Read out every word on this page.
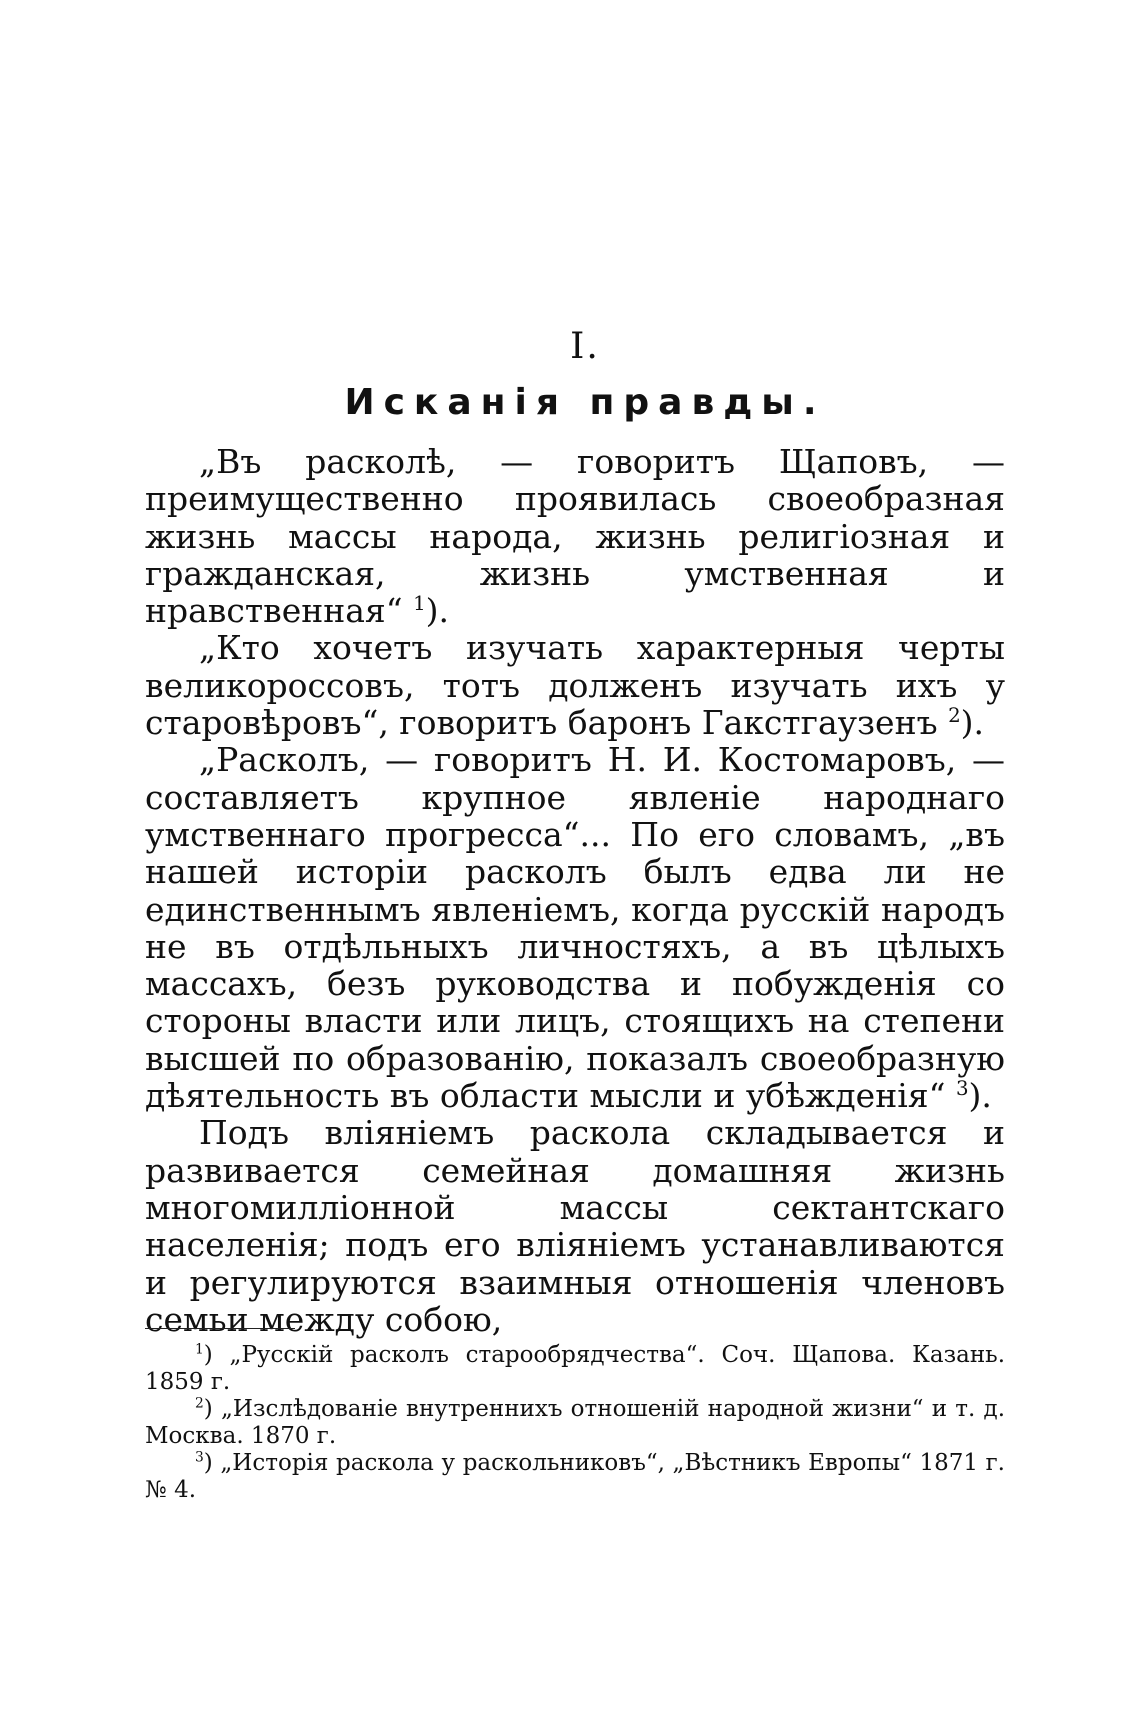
I.
Исканія правды.

„Въ расколѣ, — говоритъ Щаповъ, — преимущественно проявилась своеобразная жизнь массы народа, жизнь религіозная и гражданская, жизнь умственная и нравственная“ $^1$).

„Кто хочетъ изучать характерныя черты великороссовъ, тотъ долженъ изучать ихъ у старовѣровъ“, говоритъ баронъ Гакстгаузенъ $^2$).

„Расколъ, — говоритъ Н. И. Костомаровъ, — составляетъ крупное явленіе народнаго умственнаго прогресса“... По его словамъ, „въ нашей исторіи расколъ былъ едва ли не единственнымъ явленіемъ, когда русскій народъ не въ отдѣльныхъ личностяхъ, а въ цѣлыхъ массахъ, безъ руководства и побужденія со стороны власти или лицъ, стоящихъ на степени высшей по образованію, показалъ своеобразную дѣятельность въ области мысли и убѣжденія“ $^3$).

Подъ вліяніемъ раскола складывается и развивается семейная домашняя жизнь многомилліонной массы сектантскаго населенія; подъ его вліяніемъ устанавливаются и регулируются взаимныя отношенія членовъ семьи между собою,

$^1$) „Русскій расколъ старообрядчества“. Соч. Щапова. Казань. 1859 г.

$^2$) „Изслѣдованіе внутреннихъ отношеній народной жизни“ и т. д. Москва. 1870 г.

$^3$) „Исторія раскола у раскольниковъ“, „Вѣстникъ Европы“ 1871 г. № 4.
